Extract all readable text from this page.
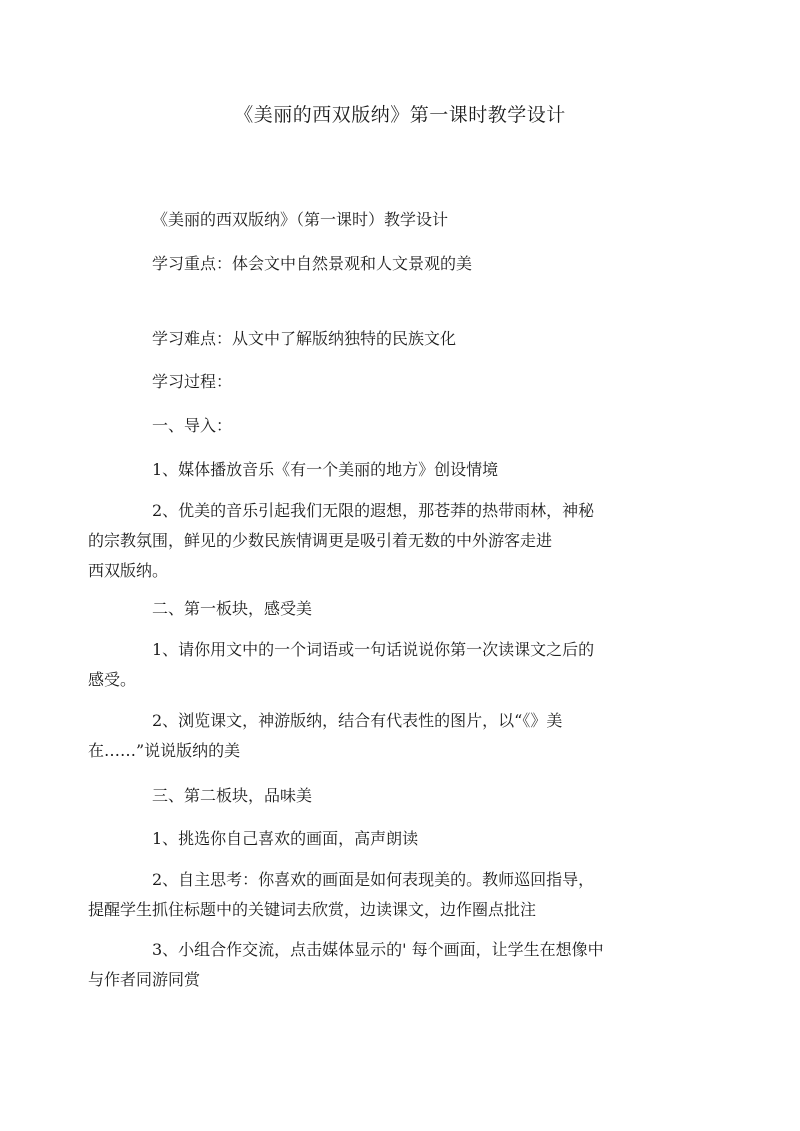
《美丽的西双版纳》第一课时教学设计
《美丽的西双版纳》（第一课时）教学设计
学习重点：体会文中自然景观和人文景观的美
学习难点：从文中了解版纳独特的民族文化
学习过程：
一、导入：
1、媒体播放音乐《有一个美丽的地方》创设情境
2、优美的音乐引起我们无限的遐想，那苍莽的热带雨林，神秘
的宗教氛围，鲜见的少数民族情调更是吸引着无数的中外游客走进
西双版纳。
二、第一板块，感受美
1、请你用文中的一个词语或一句话说说你第一次读课文之后的
感受。
2、浏览课文，神游版纳，结合有代表性的图片，以“《》美
在……”说说版纳的美
三、第二板块，品味美
1、挑选你自己喜欢的画面，高声朗读
2、自主思考：你喜欢的画面是如何表现美的。教师巡回指导，
提醒学生抓住标题中的关键词去欣赏，边读课文，边作圈点批注
3、小组合作交流，点击媒体显示的' 每个画面，让学生在想像中
与作者同游同赏
